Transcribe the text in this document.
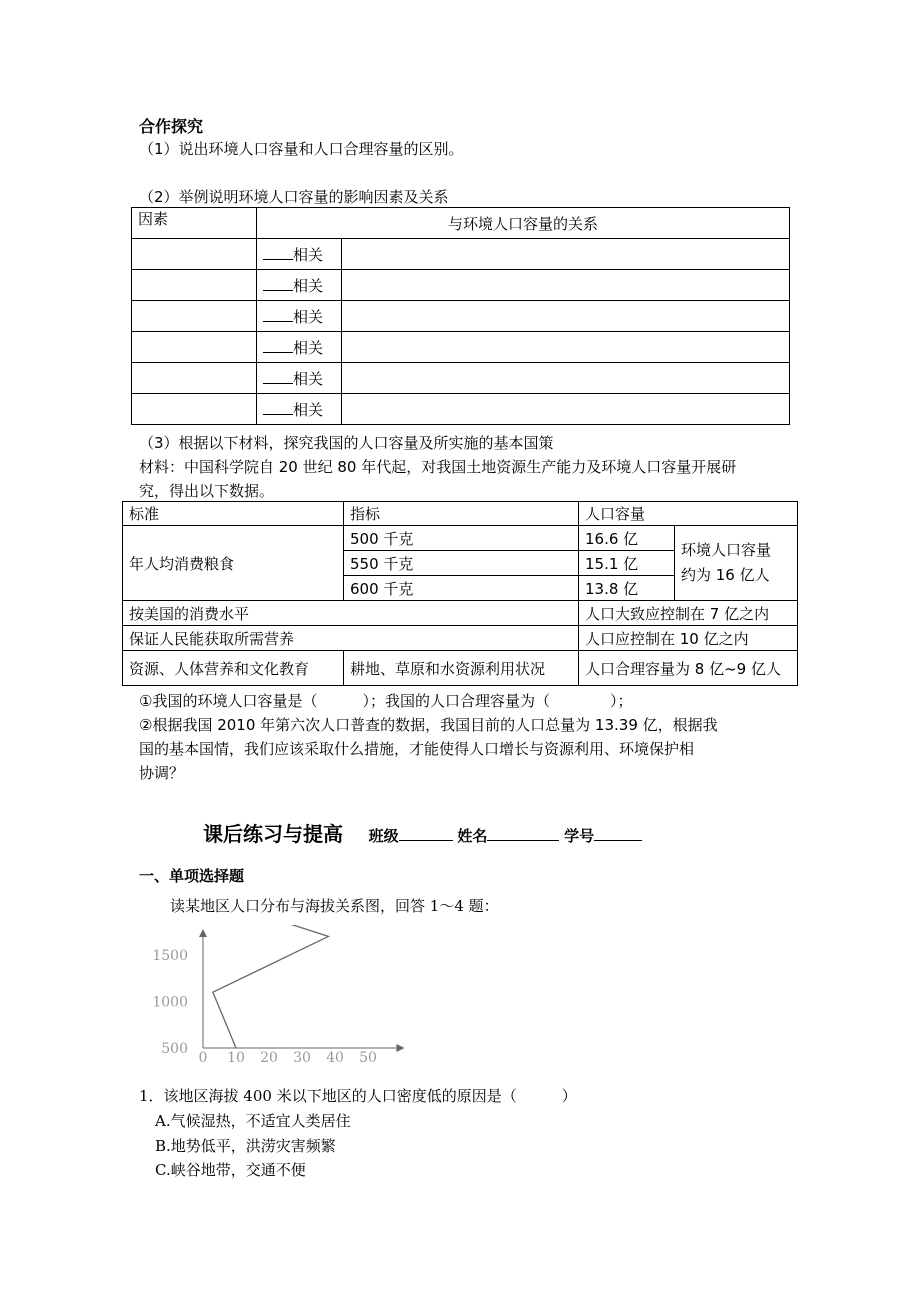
合作探究
（1）说出环境人口容量和人口合理容量的区别。
（2）举例说明环境人口容量的影响因素及关系
因素	与环境人口容量的关系	
	相关	
	相关	
	相关	
	相关	
	相关	
	相关	
（3）根据以下材料，探究我国的人口容量及所实施的基本国策
材料：中国科学院自 20 世纪 80 年代起，对我国土地资源生产能力及环境人口容量开展研
究，得出以下数据。
标准	指标	人口容量	
年人均消费粮食	500 千克	16.6 亿	环境人口容量
约为 16 亿人

	550 千克	15.1 亿	
	600 千克	13.8 亿	
按美国的消费水平		人口大致应控制在 7 亿之内	
保证人民能获取所需营养		人口应控制在 10 亿之内	
资源、人体营养和文化教育	耕地、草原和水资源利用状况	人口合理容量为 8 亿~9 亿人	
①我国的环境人口容量是（　　　）；我国的人口合理容量为（　　　　）；
②根据我国 2010 年第六次人口普查的数据，我国目前的人口总量为 13.39 亿，根据我
国的基本国情，我们应该采取什么措施，才能使得人口增长与资源利用、环境保护相
协调？
课后练习与提高 班级	姓名	学号
一、单项选择题
读某地区人口分布与海拔关系图，回答 1～4 题：
0 10 20 30 40 50
1500
1000
500
1．该地区海拔 400 米以下地区的人口密度低的原因是（　　　）
A.气候湿热，不适宜人类居住
B.地势低平，洪涝灾害频繁
C.峡谷地带，交通不便
